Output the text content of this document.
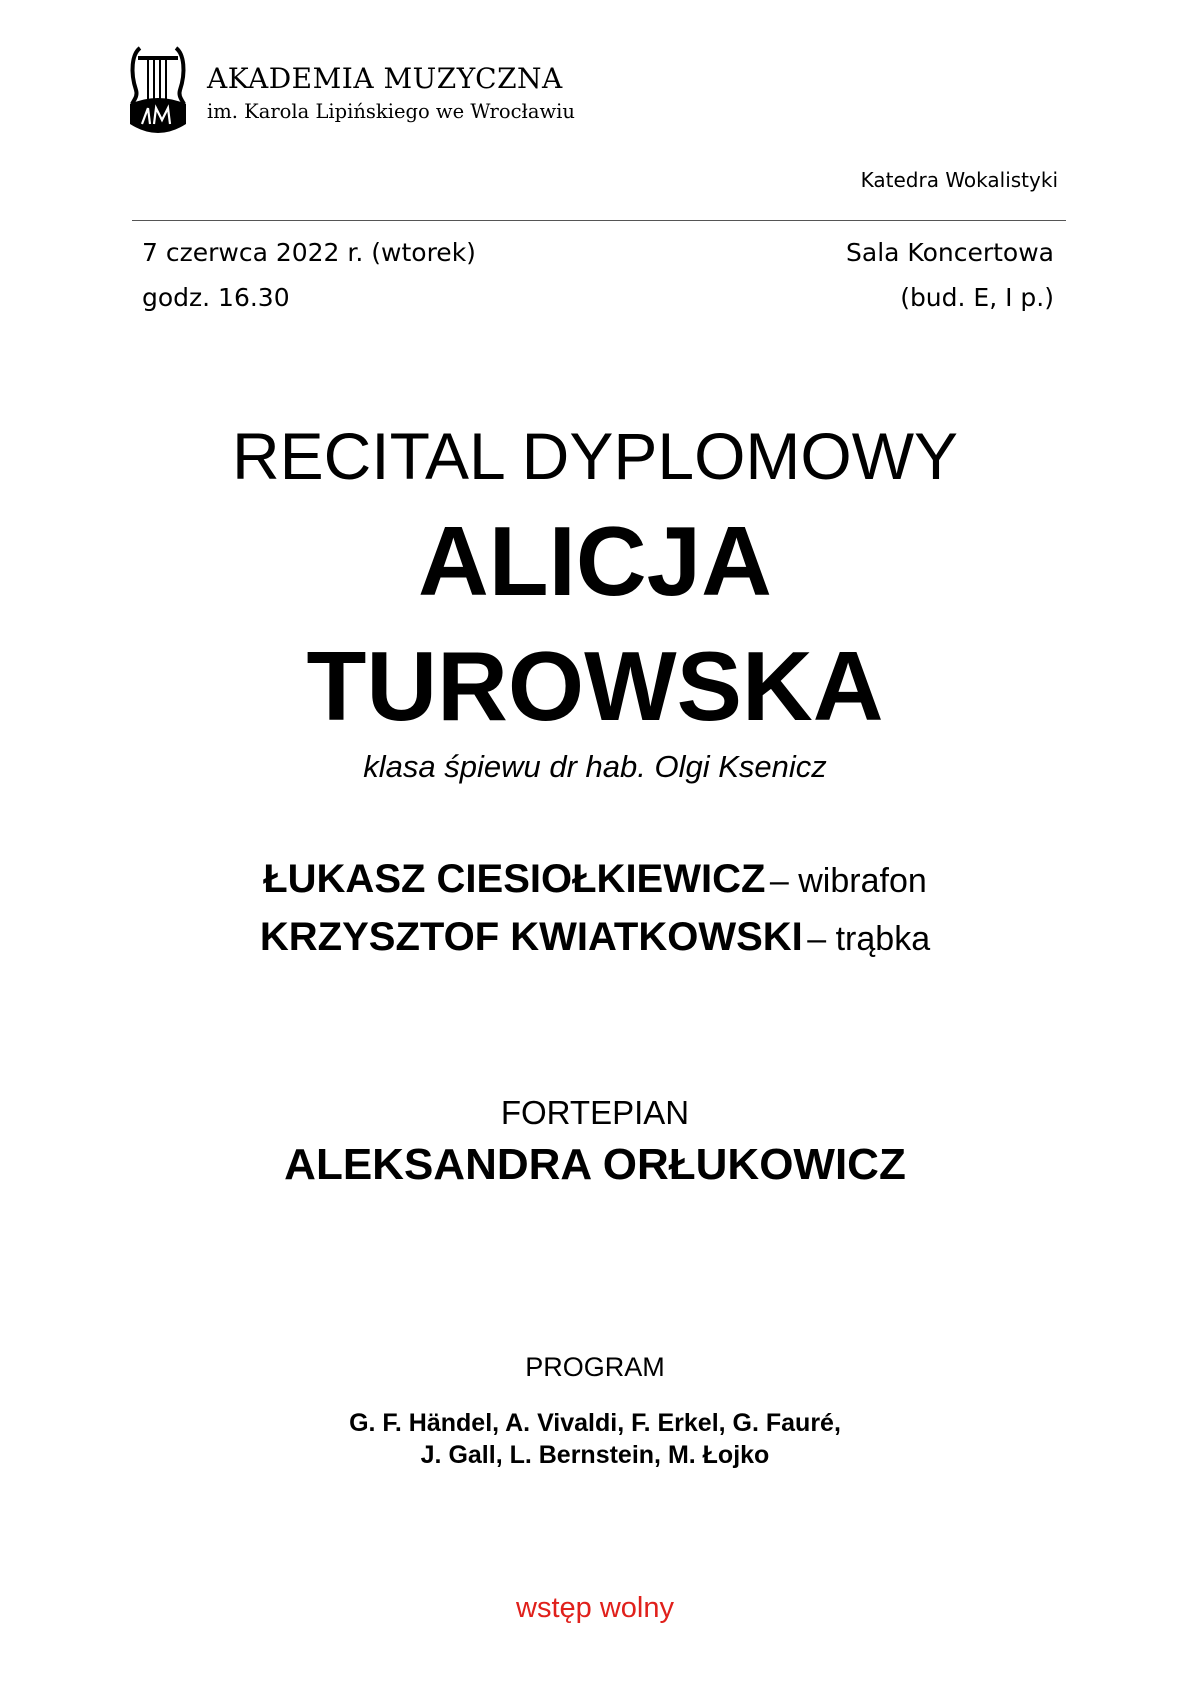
AKADEMIA MUZYCZNA
im. Karola Lipińskiego we Wrocławiu
Katedra Wokalistyki
7 czerwca 2022 r. (wtorek)
godz. 16.30
Sala Koncertowa
(bud. E, I p.)
RECITAL DYPLOMOWY
ALICJA
TUROWSKA
klasa śpiewu dr hab. Olgi Ksenicz
ŁUKASZ CIESIOŁKIEWICZ – wibrafon
KRZYSZTOF KWIATKOWSKI – trąbka
FORTEPIAN
ALEKSANDRA ORŁUKOWICZ
PROGRAM
G. F. Händel, A. Vivaldi, F. Erkel, G. Fauré,
J. Gall, L. Bernstein, M. Łojko
wstęp wolny
